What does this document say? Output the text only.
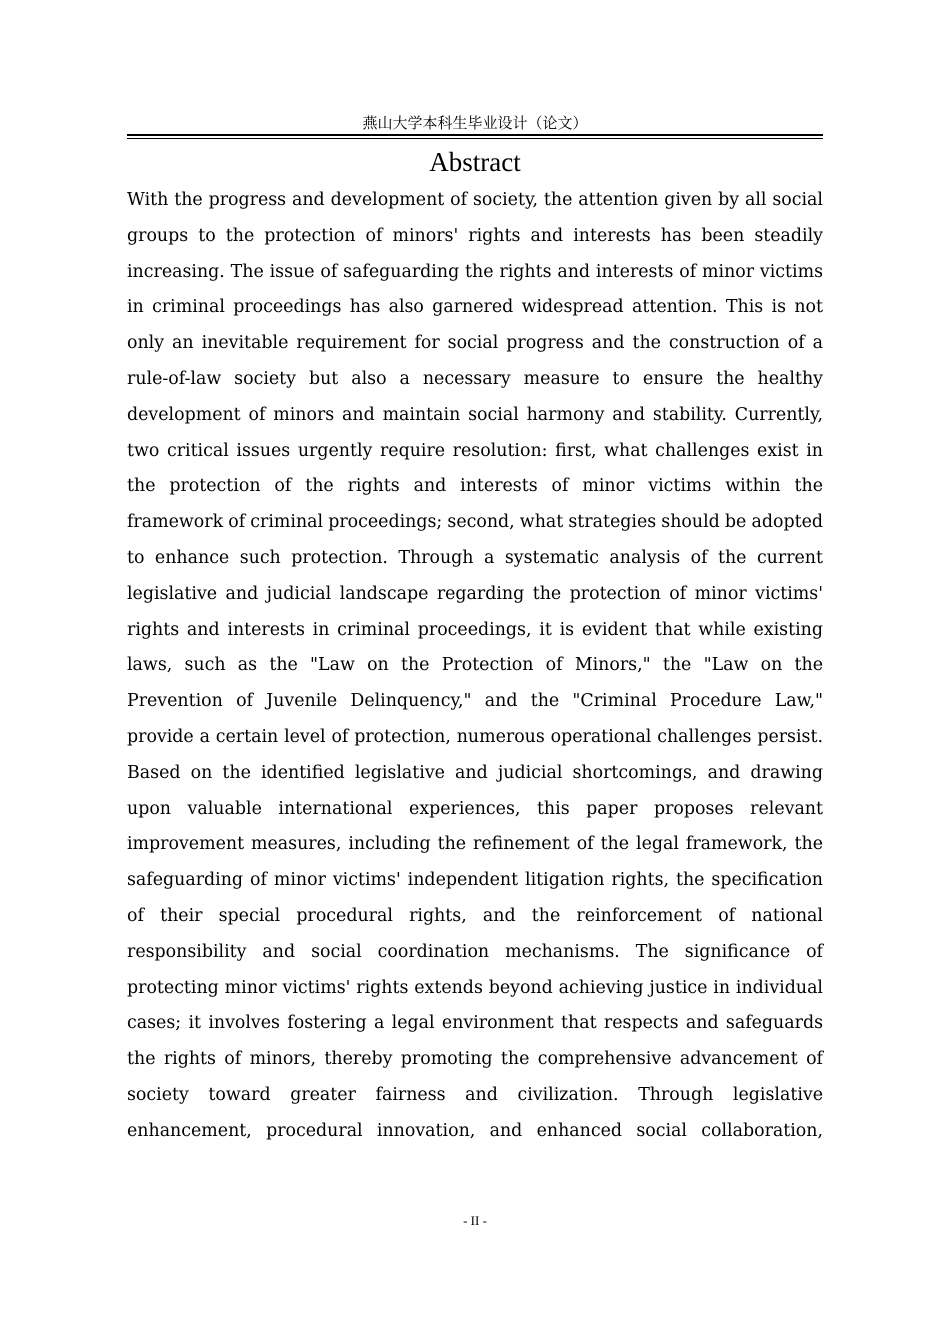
燕山大学本科生毕业设计（论文）
Abstract

With the progress and development of society, the attention given by all social groups to the protection of minors' rights and interests has been steadily increasing. The issue of safeguarding the rights and interests of minor victims in criminal proceedings has also garnered widespread attention. This is not only an inevitable requirement for social progress and the construction of a rule-of-law society but also a necessary measure to ensure the healthy development of minors and maintain social harmony and stability. Currently, two critical issues urgently require resolution: first, what challenges exist in the protection of the rights and interests of minor victims within the framework of criminal proceedings; second, what strategies should be adopted to enhance such protection. Through a systematic analysis of the current legislative and judicial landscape regarding the protection of minor victims' rights and interests in criminal proceedings, it is evident that while existing laws, such as the "Law on the Protection of Minors," the "Law on the Prevention of Juvenile Delinquency," and the "Criminal Procedure Law," provide a certain level of protection, numerous operational challenges persist. Based on the identified legislative and judicial shortcomings, and drawing upon valuable international experiences, this paper proposes relevant improvement measures, including the refinement of the legal framework, the safeguarding of minor victims' independent litigation rights, the specification of their special procedural rights, and the reinforcement of national responsibility and social coordination mechanisms. The significance of protecting minor victims' rights extends beyond achieving justice in individual cases; it involves fostering a legal environment that respects and safeguards the rights of minors, thereby promoting the comprehensive advancement of society toward greater fairness and civilization. Through legislative enhancement, procedural innovation, and enhanced social collaboration,

- II -
